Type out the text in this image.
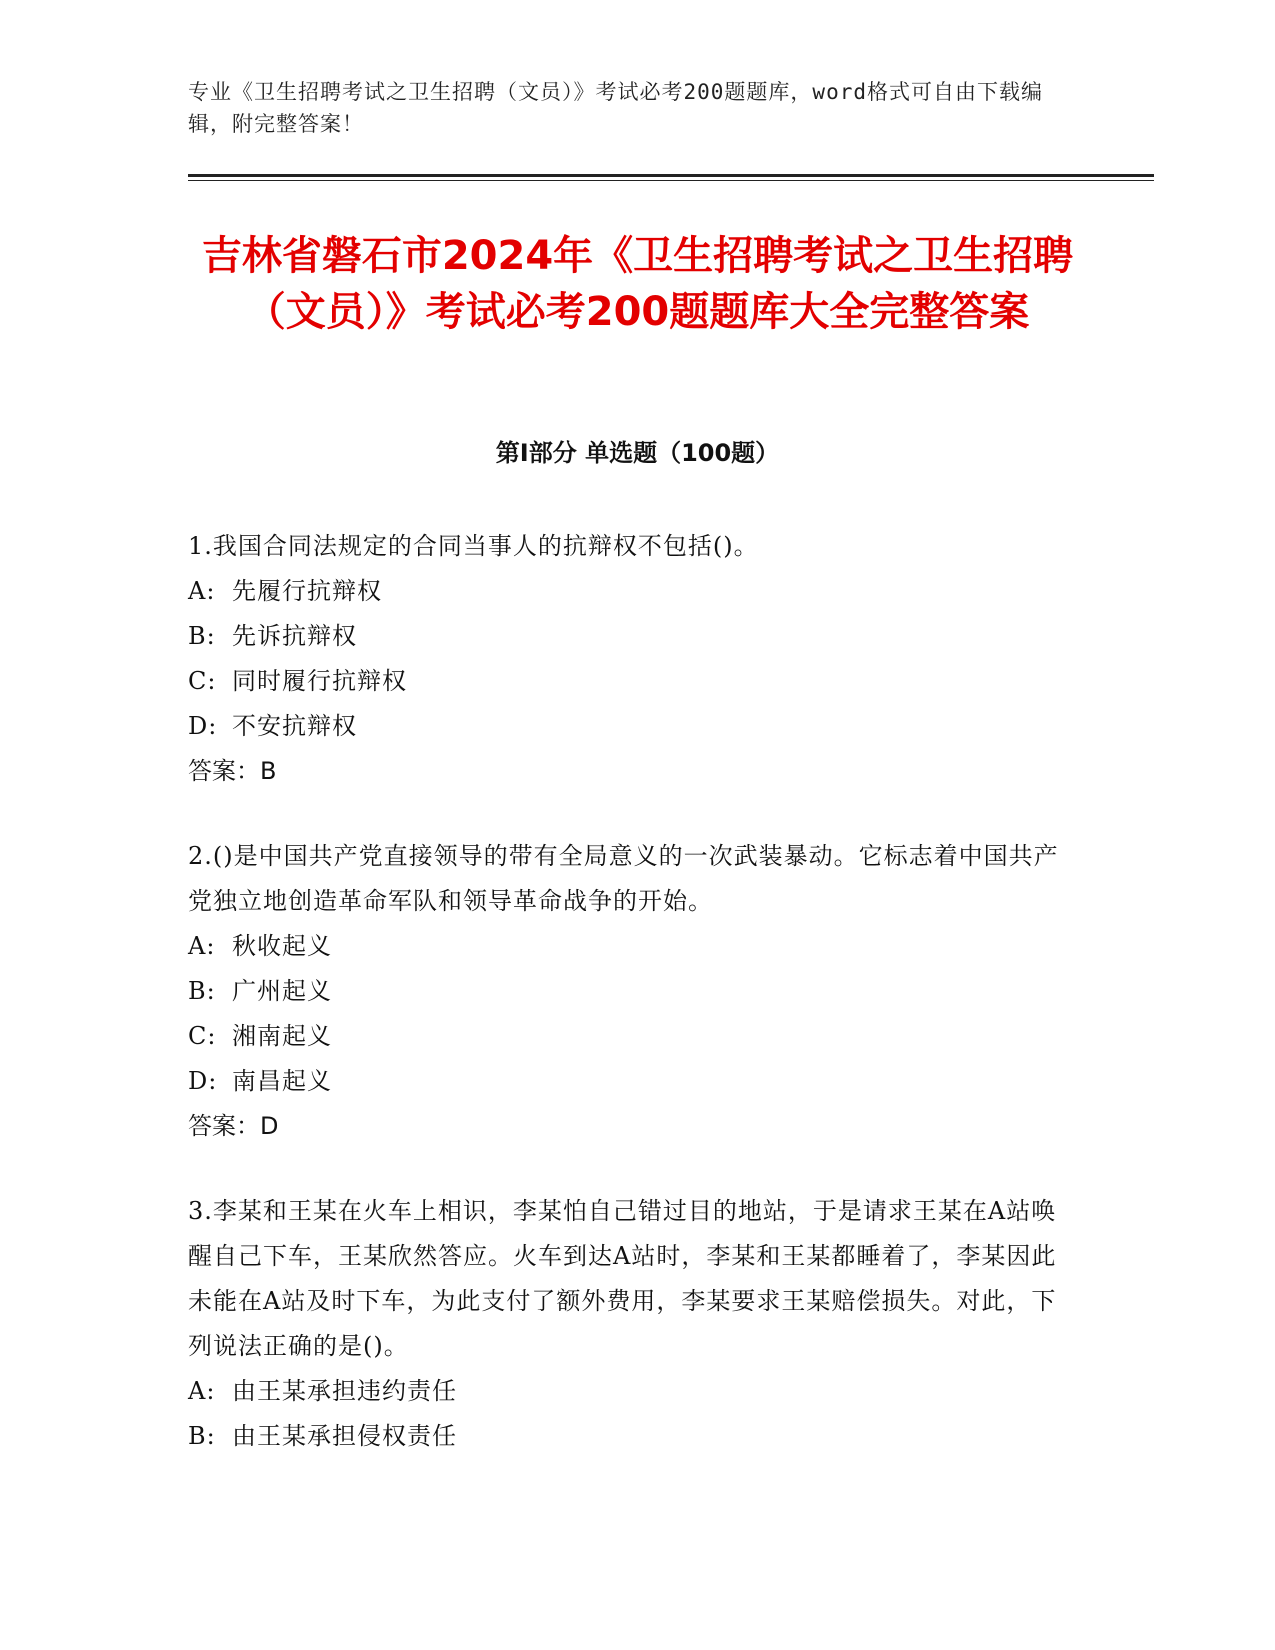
专业《卫生招聘考试之卫生招聘（文员）》考试必考200题题库，word格式可自由下载编辑，附完整答案！
吉林省磐石市2024年《卫生招聘考试之卫生招聘（文员）》考试必考200题题库大全完整答案
第Ⅰ部分 单选题（100题）
1.我国合同法规定的合同当事人的抗辩权不包括()。
A: 先履行抗辩权
B: 先诉抗辩权
C: 同时履行抗辩权
D: 不安抗辩权
答案：B
2.()是中国共产党直接领导的带有全局意义的一次武装暴动。它标志着中国共产党独立地创造革命军队和领导革命战争的开始。
A: 秋收起义
B: 广州起义
C: 湘南起义
D: 南昌起义
答案：D
3.李某和王某在火车上相识，李某怕自己错过目的地站，于是请求王某在A站唤醒自己下车，王某欣然答应。火车到达A站时，李某和王某都睡着了，李某因此未能在A站及时下车，为此支付了额外费用，李某要求王某赔偿损失。对此，下列说法正确的是()。
A: 由王某承担违约责任
B: 由王某承担侵权责任
